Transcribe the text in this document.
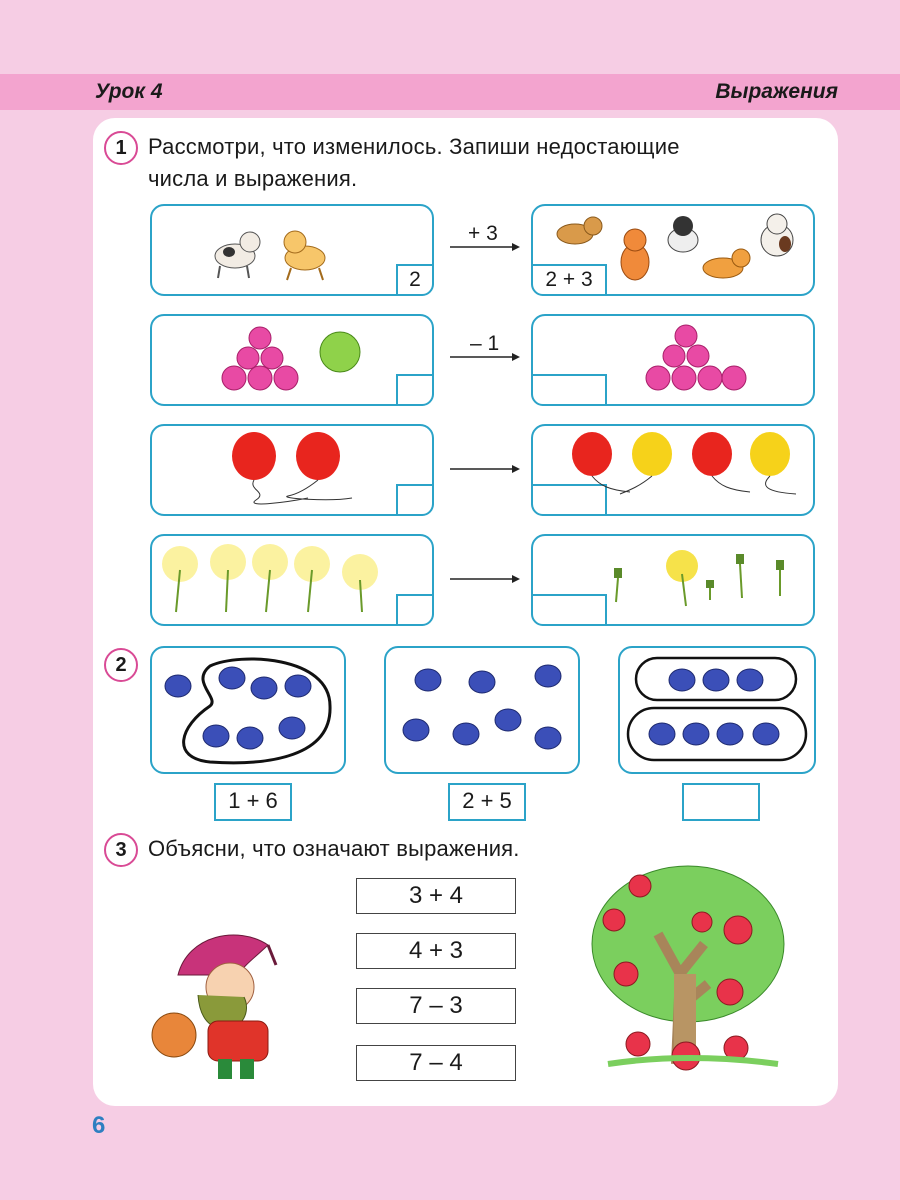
Урок 4	Выражения
1 Рассмотри, что изменилось. Запиши недостающие
числа и выражения.
2
+ 3
2 + 3
– 1
2
1 + 6	2 + 5
3 Объясни, что означают выражения.
3 + 4
4 + 3
7 – 3
7 – 4
6
